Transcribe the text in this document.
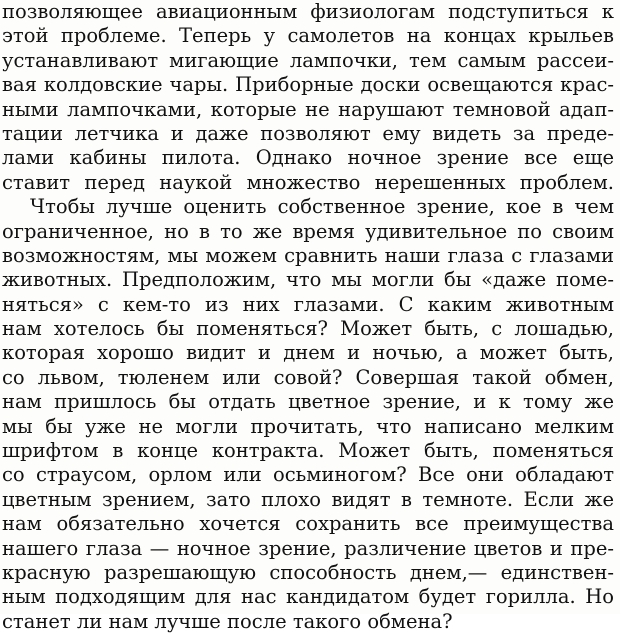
позволяющее авиационным физиологам подступиться к
этой проблеме. Теперь у самолетов на концах крыльев
устанавливают мигающие лампочки, тем самым рассеи-
вая колдовские чары. Приборные доски освещаются крас-
ными лампочками, которые не нарушают темновой адап-
тации летчика и даже позволяют ему видеть за преде-
лами кабины пилота. Однако ночное зрение все еще
ставит перед наукой множество нерешенных проблем.
Чтобы лучше оценить собственное зрение, кое в чем
ограниченное, но в то же время удивительное по своим
возможностям, мы можем сравнить наши глаза с глазами
животных. Предположим, что мы могли бы «даже поме-
няться» с кем-то из них глазами. С каким животным
нам хотелось бы поменяться? Может быть, с лошадью,
которая хорошо видит и днем и ночью, а может быть,
со львом, тюленем или совой? Совершая такой обмен,
нам пришлось бы отдать цветное зрение, и к тому же
мы бы уже не могли прочитать, что написано мелким
шрифтом в конце контракта. Может быть, поменяться
со страусом, орлом или осьминогом? Все они обладают
цветным зрением, зато плохо видят в темноте. Если же
нам обязательно хочется сохранить все преимущества
нашего глаза — ночное зрение, различение цветов и пре-
красную разрешающую способность днем,— единствен-
ным подходящим для нас кандидатом будет горилла. Но
станет ли нам лучше после такого обмена?
